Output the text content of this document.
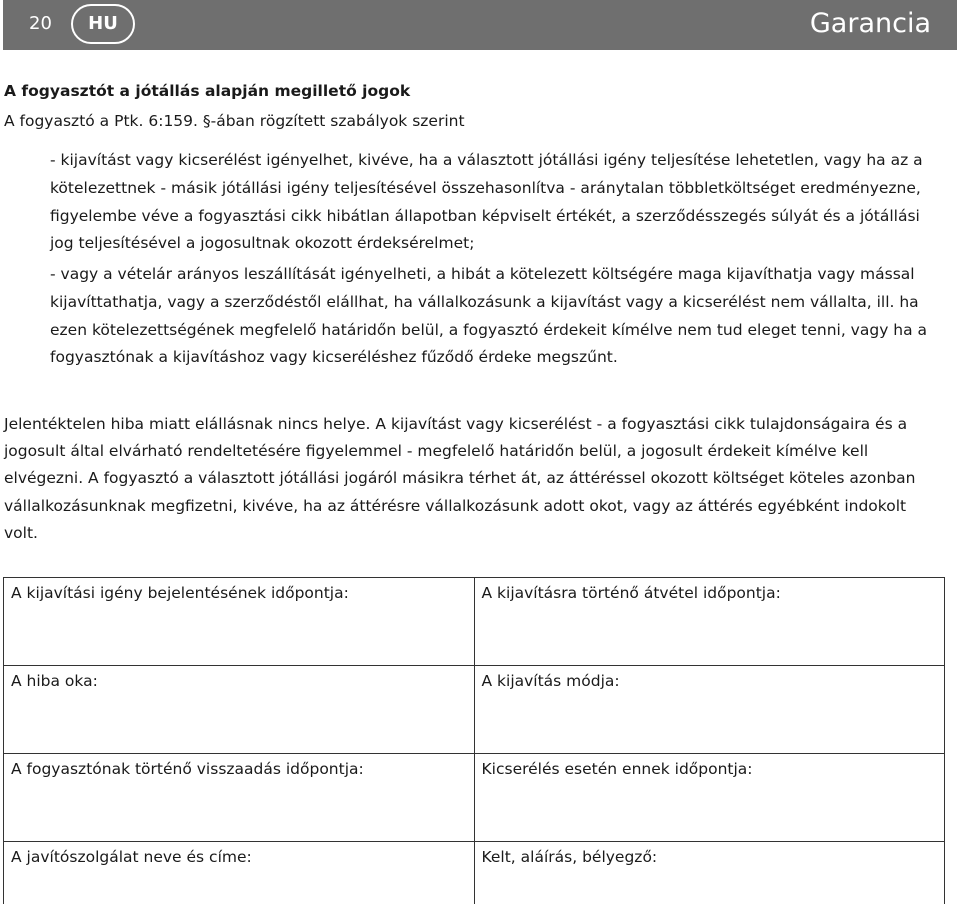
20	HU	Garancia
A fogyasztót a jótállás alapján megillető jogok
A fogyasztó a Ptk. 6:159. §-ában rögzített szabályok szerint
- kijavítást vagy kicserélést igényelhet, kivéve, ha a választott jótállási igény teljesítése lehetetlen, vagy ha az a kötelezettnek - másik jótállási igény teljesítésével összehasonlítva - aránytalan többletköltséget eredményezne, figyelembe véve a fogyasztási cikk hibátlan állapotban képviselt értékét, a szerződésszegés súlyát és a jótállási jog teljesítésével a jogosultnak okozott érdeksérelmet;
- vagy a vételár arányos leszállítását igényelheti, a hibát a kötelezett költségére maga kijavíthatja vagy mással kijavíttathatja, vagy a szerződéstől elállhat, ha vállalkozásunk a kijavítást vagy a kicserélést nem vállalta, ill. ha ezen kötelezettségének megfelelő határidőn belül, a fogyasztó érdekeit kímélve nem tud eleget tenni, vagy ha a fogyasztónak a kijavításhoz vagy kicseréléshez fűződő érdeke megszűnt.
Jelentéktelen hiba miatt elállásnak nincs helye. A kijavítást vagy kicserélést - a fogyasztási cikk tulajdonságaira és a jogosult által elvárható rendeltetésére figyelemmel - megfelelő határidőn belül, a jogosult érdekeit kímélve kell elvégezni. A fogyasztó a választott jótállási jogáról másikra térhet át, az áttéréssel okozott költséget köteles azonban vállalkozásunknak megfizetni, kivéve, ha az áttérésre vállalkozásunk adott okot, vagy az áttérés egyébként indokolt volt.
A kijavítási igény bejelentésének időpontja:	A kijavításra történő átvétel időpontja:
A hiba oka:	A kijavítás módja:
A fogyasztónak történő visszaadás időpontja:	Kicserélés esetén ennek időpontja:
A javítószolgálat neve és címe:	Kelt, aláírás, bélyegző:
